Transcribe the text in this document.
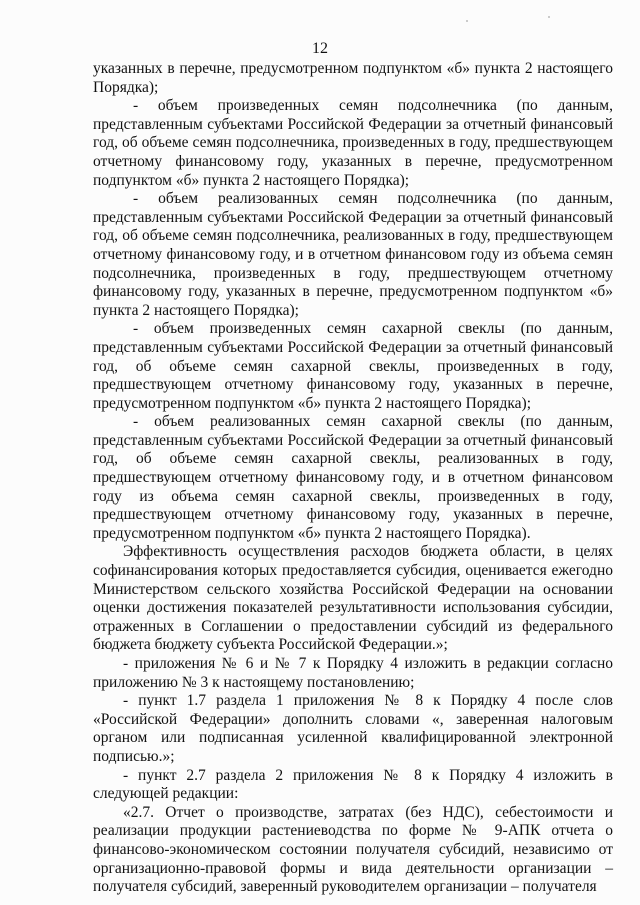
12

указанных в перечне, предусмотренном подпунктом «б» пункта 2 настоящего Порядка);

- объем произведенных семян подсолнечника (по данным, представленным субъектами Российской Федерации за отчетный финансовый год, об объеме семян подсолнечника, произведенных в году, предшествующем отчетному финансовому году, указанных в перечне, предусмотренном подпунктом «б» пункта 2 настоящего Порядка);

- объем реализованных семян подсолнечника (по данным, представленным субъектами Российской Федерации за отчетный финансовый год, об объеме семян подсолнечника, реализованных в году, предшествующем отчетному финансовому году, и в отчетном финансовом году из объема семян подсолнечника, произведенных в году, предшествующем отчетному финансовому году, указанных в перечне, предусмотренном подпунктом «б» пункта 2 настоящего Порядка);

- объем произведенных семян сахарной свеклы (по данным, представленным субъектами Российской Федерации за отчетный финансовый год, об объеме семян сахарной свеклы, произведенных в году, предшествующем отчетному финансовому году, указанных в перечне, предусмотренном подпунктом «б» пункта 2 настоящего Порядка);

- объем реализованных семян сахарной свеклы (по данным, представленным субъектами Российской Федерации за отчетный финансовый год, об объеме семян сахарной свеклы, реализованных в году, предшествующем отчетному финансовому году, и в отчетном финансовом году из объема семян сахарной свеклы, произведенных в году, предшествующем отчетному финансовому году, указанных в перечне, предусмотренном подпунктом «б» пункта 2 настоящего Порядка).

Эффективность осуществления расходов бюджета области, в целях софинансирования которых предоставляется субсидия, оценивается ежегодно Министерством сельского хозяйства Российской Федерации на основании оценки достижения показателей результативности использования субсидии, отраженных в Соглашении о предоставлении субсидий из федерального бюджета бюджету субъекта Российской Федерации.»;

- приложения № 6 и № 7 к Порядку 4 изложить в редакции согласно приложению № 3 к настоящему постановлению;

- пункт 1.7 раздела 1 приложения № 8 к Порядку 4 после слов «Российской Федерации» дополнить словами «, заверенная налоговым органом или подписанная усиленной квалифицированной электронной подписью.»;

- пункт 2.7 раздела 2 приложения № 8 к Порядку 4 изложить в следующей редакции:

«2.7. Отчет о производстве, затратах (без НДС), себестоимости и реализации продукции растениеводства по форме № 9-АПК отчета о финансово-экономическом состоянии получателя субсидий, независимо от организационно-правовой формы и вида деятельности организации – получателя субсидий, заверенный руководителем организации – получателя
